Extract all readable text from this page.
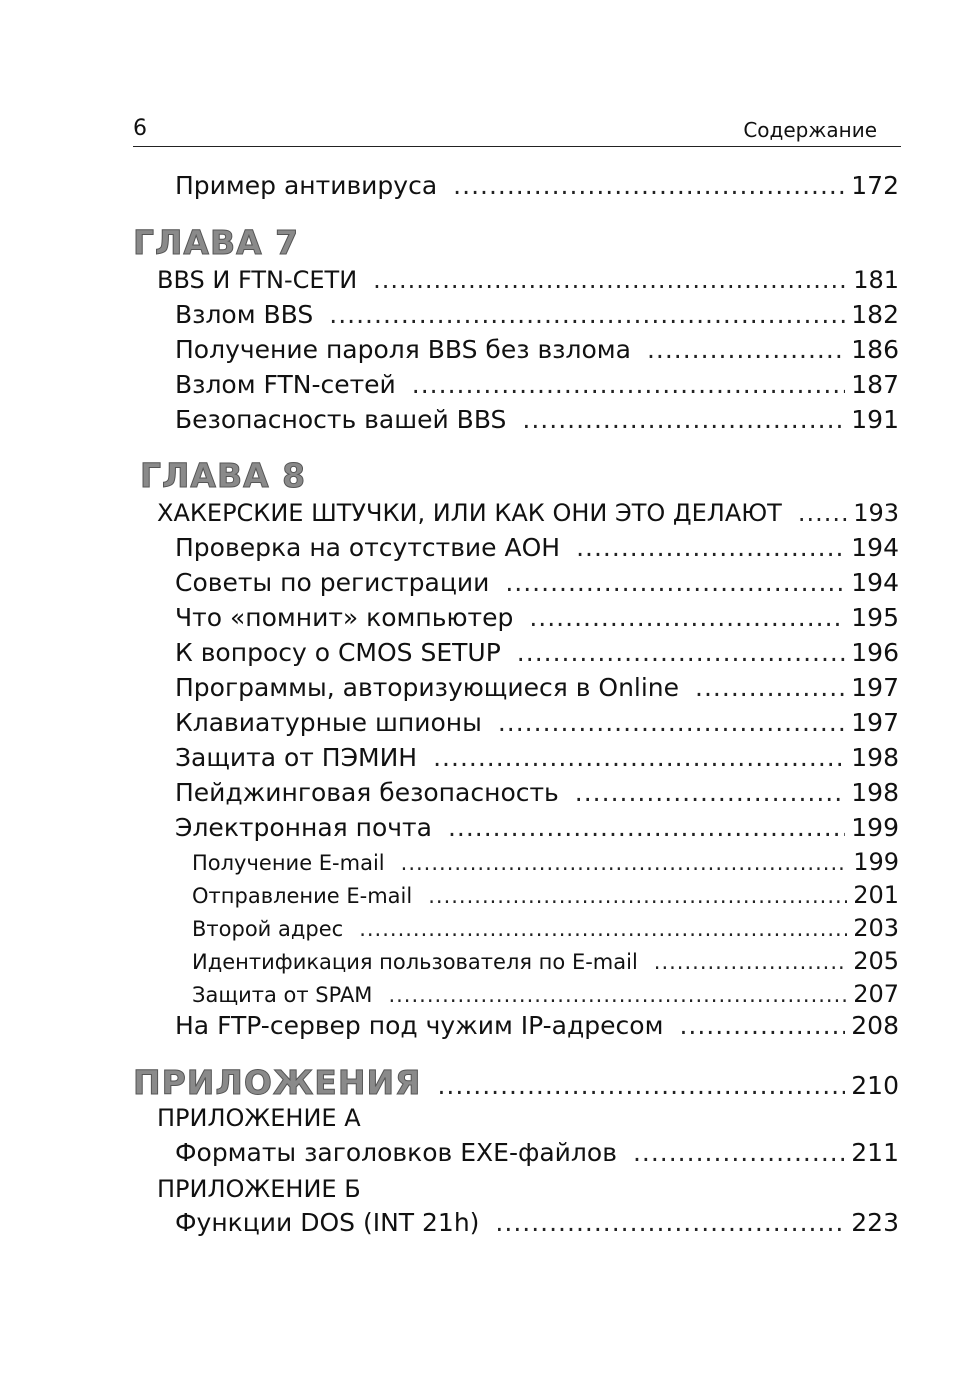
6	Содержание
Пример антивируса .....	172
ГЛАВА 7
BBS И FTN-СЕТИ .....	181
Взлом BBS .....	182
Получение пароля BBS без взлома .....	186
Взлом FTN-сетей .....	187
Безопасность вашей BBS .....	191
ГЛАВА 8
ХАКЕРСКИЕ ШТУЧКИ, ИЛИ КАК ОНИ ЭТО ДЕЛАЮТ .....	193
Проверка на отсутствие АОН .....	194
Советы по регистрации .....	194
Что «помнит» компьютер .....	195
К вопросу о CMOS SETUP .....	196
Программы, авторизующиеся в Online .....	197
Клавиатурные шпионы .....	197
Защита от ПЭМИН .....	198
Пейджинговая безопасность .....	198
Электронная почта .....	199
Получение E-mail .....	199
Отправление E-mail .....	201
Второй адрес .....	203
Идентификация пользователя по E-mail .....	205
Защита от SPAM .....	207
На FTP-сервер под чужим IP-адресом .....	208
ПРИЛОЖЕНИЯ .....	210
ПРИЛОЖЕНИЕ А
Форматы заголовков EXE-файлов .....	211
ПРИЛОЖЕНИЕ Б
Функции DOS (INT 21h) .....	223
